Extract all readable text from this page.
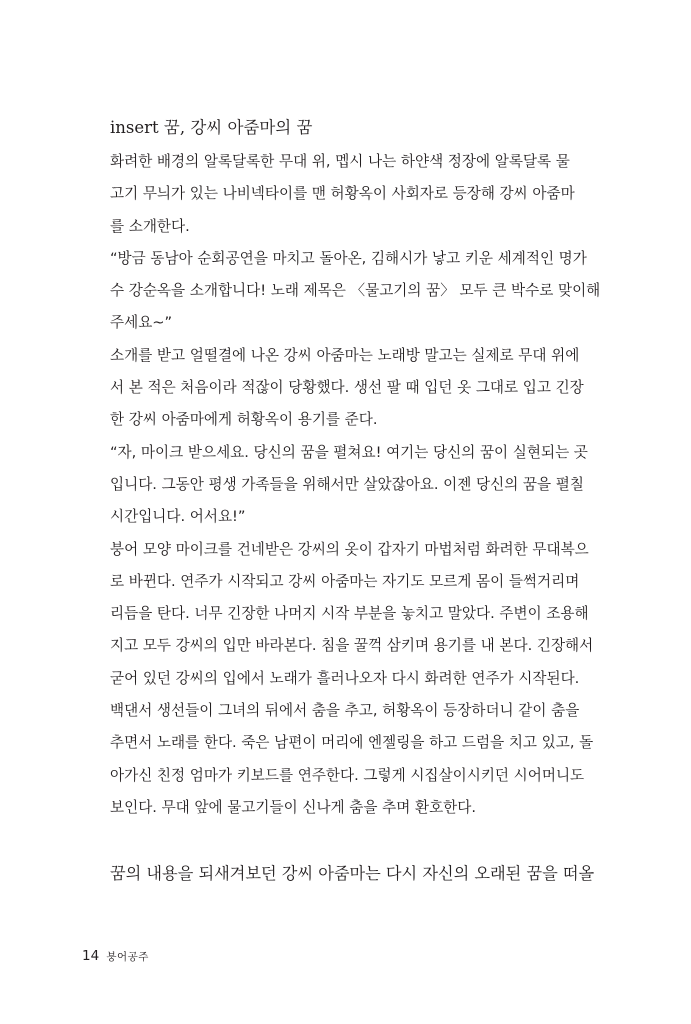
insert 꿈, 강씨 아줌마의 꿈
화려한 배경의 알록달록한 무대 위, 멥시 나는 하얀색 정장에 알록달록 물
고기 무늬가 있는 나비넥타이를 맨 허황옥이 사회자로 등장해 강씨 아줌마
를 소개한다.
“방금 동남아 순회공연을 마치고 돌아온, 김해시가 낳고 키운 세계적인 명가
수 강순옥을 소개합니다! 노래 제목은 〈물고기의 꿈〉 모두 큰 박수로 맞이해
주세요~”
소개를 받고 얼떨결에 나온 강씨 아줌마는 노래방 말고는 실제로 무대 위에
서 본 적은 처음이라 적잖이 당황했다. 생선 팔 때 입던 옷 그대로 입고 긴장
한 강씨 아줌마에게 허황옥이 용기를 준다.
“자, 마이크 받으세요. 당신의 꿈을 펼쳐요! 여기는 당신의 꿈이 실현되는 곳
입니다. 그동안 평생 가족들을 위해서만 살았잖아요. 이젠 당신의 꿈을 펼칠
시간입니다. 어서요!”
붕어 모양 마이크를 건네받은 강씨의 옷이 갑자기 마법처럼 화려한 무대복으
로 바뀐다. 연주가 시작되고 강씨 아줌마는 자기도 모르게 몸이 들썩거리며
리듬을 탄다. 너무 긴장한 나머지 시작 부분을 놓치고 말았다. 주변이 조용해
지고 모두 강씨의 입만 바라본다. 침을 꿀꺽 삼키며 용기를 내 본다. 긴장해서
굳어 있던 강씨의 입에서 노래가 흘러나오자 다시 화려한 연주가 시작된다.
백댄서 생선들이 그녀의 뒤에서 춤을 추고, 허황옥이 등장하더니 같이 춤을
추면서 노래를 한다. 죽은 남편이 머리에 엔젤링을 하고 드럼을 치고 있고, 돌
아가신 친정 엄마가 키보드를 연주한다. 그렇게 시집살이시키던 시어머니도
보인다. 무대 앞에 물고기들이 신나게 춤을 추며 환호한다.
꿈의 내용을 되새겨보던 강씨 아줌마는 다시 자신의 오래된 꿈을 떠올
14 붕어공주
